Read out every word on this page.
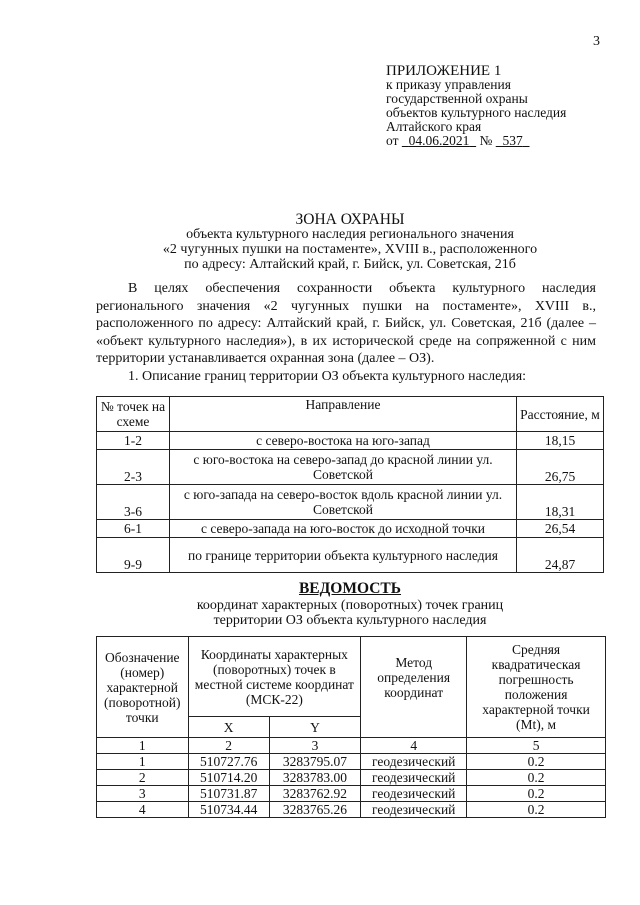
3
ПРИЛОЖЕНИЕ 1
к приказу управления
государственной охраны
объектов культурного наследия
Алтайского края
от 04.06.2021 № 537
ЗОНА ОХРАНЫ
объекта культурного наследия регионального значения
«2 чугунных пушки на постаменте», XVIII в., расположенного
по адресу: Алтайский край, г. Бийск, ул. Советская, 21б

В целях обеспечения сохранности объекта культурного наследия регионального значения «2 чугунных пушки на постаменте», XVIII в., расположенного по адресу: Алтайский край, г. Бийск, ул. Советская, 21б (далее – «объект культурного наследия»), в их исторической среде на сопряженной с ним территории устанавливается охранная зона (далее – ОЗ).

1. Описание границ территории ОЗ объекта культурного наследия:

№ точек на схеме	Направление	Расстояние, м
1-2	с северо-востока на юго-запад	18,15
2-3	с юго-востока на северо-запад до красной линии ул. Советской	26,75
3-6	с юго-запада на северо-восток вдоль красной линии ул. Советской	18,31
6-1	с северо-запада на юго-восток до исходной точки	26,54
9-9	по границе территории объекта культурного наследия	24,87
ВЕДОМОСТЬ
координат характерных (поворотных) точек границ
территории ОЗ объекта культурного наследия
Обозначение (номер) характерной (поворотной) точки	Координаты характерных (поворотных) точек в местной системе координат (МСК-22)		Метод определения координат	Средняя квадратическая погрешность положения характерной точки (Mt), м
	X	Y		
1	2	3	4	5
1	510727.76	3283795.07	геодезический	0.2
2	510714.20	3283783.00	геодезический	0.2
3	510731.87	3283762.92	геодезический	0.2
4	510734.44	3283765.26	геодезический	0.2
